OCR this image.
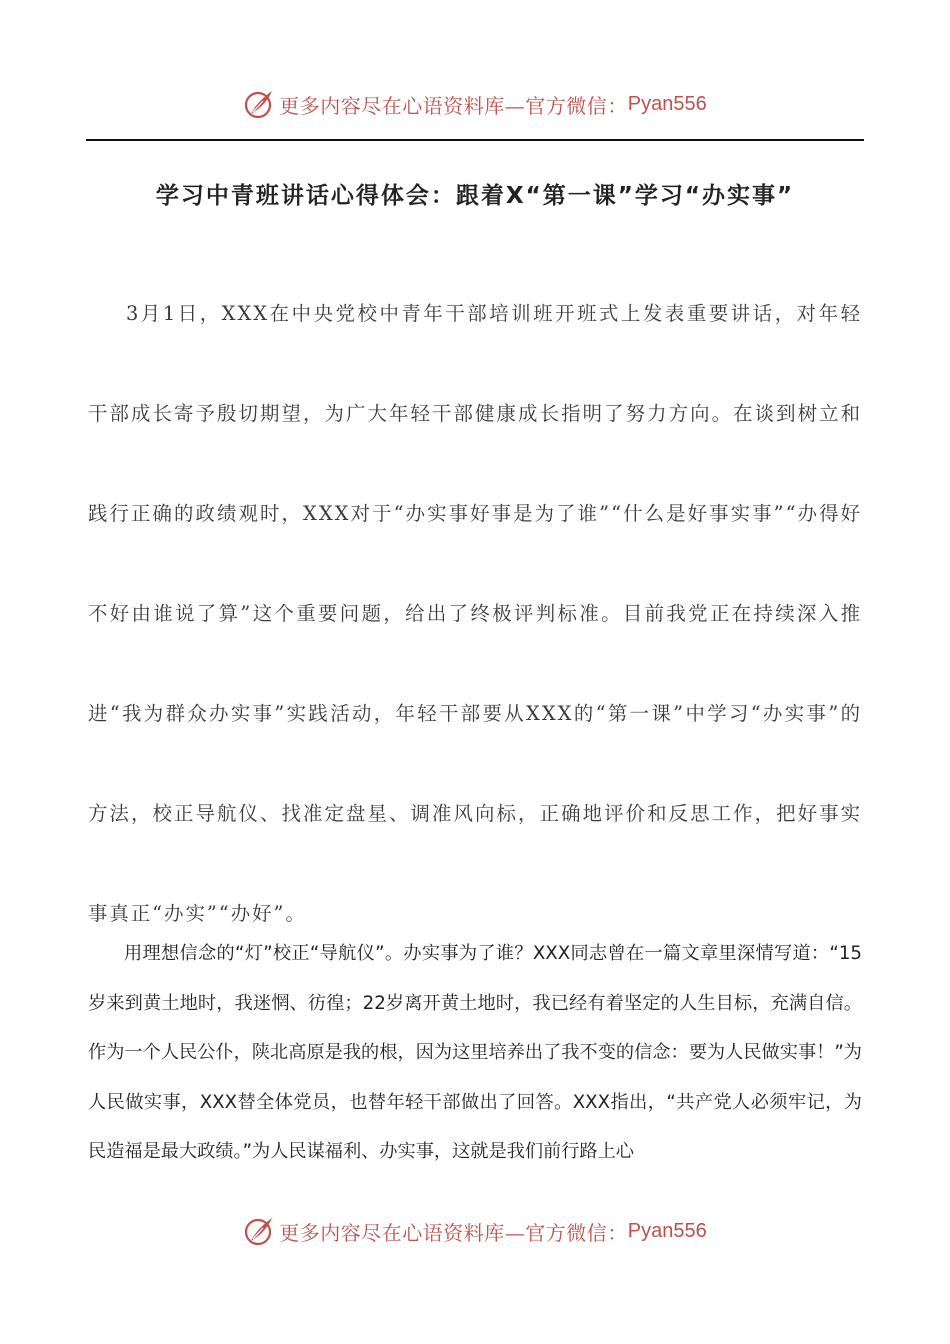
更多内容尽在心语资料库—官方微信： Pyan556
学习中青班讲话心得体会：跟着X“第一课”学习“办实事”

3月1日，XXX在中央党校中青年干部培训班开班式上发表重要讲话，对年轻干部成长寄予殷切期望，为广大年轻干部健康成长指明了努力方向。在谈到树立和践行正确的政绩观时，XXX对于“办实事好事是为了谁”“什么是好事实事”“办得好不好由谁说了算”这个重要问题，给出了终极评判标准。目前我党正在持续深入推进“我为群众办实事”实践活动，年轻干部要从XXX的“第一课”中学习“办实事”的方法，校正导航仪、找准定盘星、调准风向标，正确地评价和反思工作，把好事实事真正“办实”“办好”。

用理想信念的“灯”校正“导航仪”。办实事为了谁？XXX同志曾在一篇文章里深情写道：“15岁来到黄土地时，我迷惘、彷徨；22岁离开黄土地时，我已经有着坚定的人生目标，充满自信。作为一个人民公仆，陕北高原是我的根，因为这里培养出了我不变的信念：要为人民做实事！”为人民做实事，XXX替全体党员，也替年轻干部做出了回答。XXX指出，“共产党人必须牢记，为民造福是最大政绩。”为人民谋福利、办实事，这就是我们前行路上心

更多内容尽在心语资料库—官方微信： Pyan556
